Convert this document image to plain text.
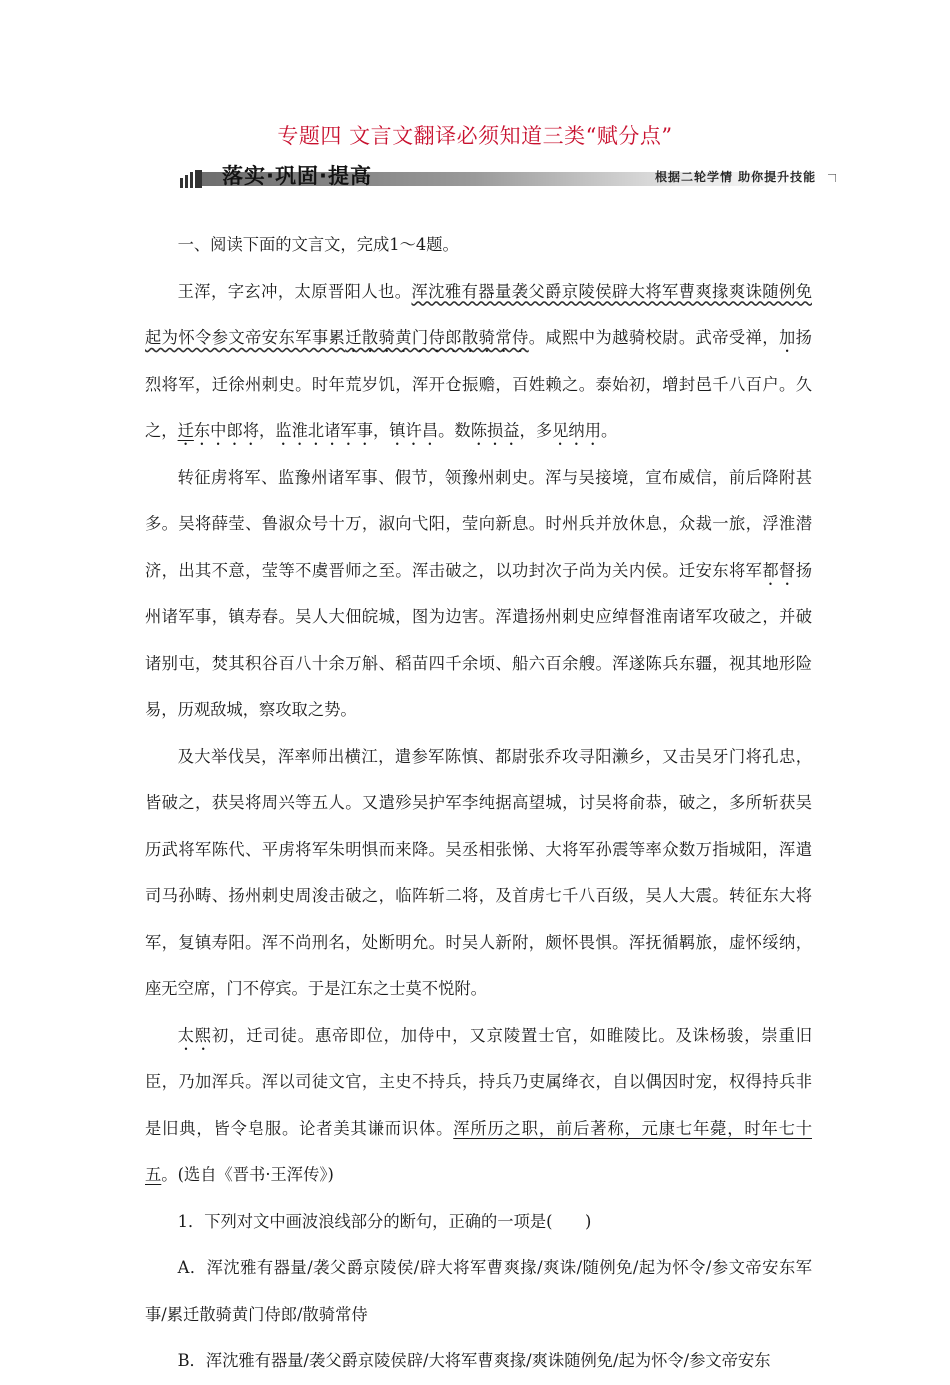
专题四 文言文翻译必须知道三类“赋分点”
落实·巩固·提高	根据二轮学情 助你提升技能

一、阅读下面的文言文，完成1～4题。

王浑，字玄冲，太原晋阳人也。浑沈雅有器量袭父爵京陵侯辟大将军曹爽掾爽诛随例免起为怀令参文帝安东军事累迁散骑黄门侍郎散骑常侍。咸熙中为越骑校尉。武帝受禅，加扬烈将军，迁徐州刺史。时年荒岁饥，浑开仓振赡，百姓赖之。泰始初，增封邑千八百户。久之，迁东中郎将，监淮北诸军事，镇许昌。数陈损益，多见纳用。

转征虏将军、监豫州诸军事、假节，领豫州刺史。浑与吴接境，宣布威信，前后降附甚多。吴将薛莹、鲁淑众号十万，淑向弋阳，莹向新息。时州兵并放休息，众裁一旅，浮淮潜济，出其不意，莹等不虞晋师之至。浑击破之，以功封次子尚为关内侯。迁安东将军都督扬州诸军事，镇寿春。吴人大佃皖城，图为边害。浑遣扬州刺史应绰督淮南诸军攻破之，并破诸别屯，焚其积谷百八十余万斛、稻苗四千余顷、船六百余艘。浑遂陈兵东疆，视其地形险易，历观敌城，察攻取之势。

及大举伐吴，浑率师出横江，遣参军陈慎、都尉张乔攻寻阳濑乡，又击吴牙门将孔忠，皆破之，获吴将周兴等五人。又遣殄吴护军李纯据高望城，讨吴将俞恭，破之，多所斩获吴历武将军陈代、平虏将军朱明惧而来降。吴丞相张悌、大将军孙震等率众数万指城阳，浑遣司马孙畴、扬州刺史周浚击破之，临阵斩二将，及首虏七千八百级，吴人大震。转征东大将军，复镇寿阳。浑不尚刑名，处断明允。时吴人新附，颇怀畏惧。浑抚循羁旅，虚怀绥纳，座无空席，门不停宾。于是江东之士莫不悦附。

太熙初，迁司徒。惠帝即位，加侍中，又京陵置士官，如睢陵比。及诛杨骏，崇重旧臣，乃加浑兵。浑以司徒文官，主史不持兵，持兵乃吏属绛衣，自以偶因时宠，权得持兵非是旧典，皆令皂服。论者美其谦而识体。浑所历之职，前后著称，元康七年薨，时年七十五。(选自《晋书·王浑传》)

1．下列对文中画波浪线部分的断句，正确的一项是(　　)

A．浑沈雅有器量/袭父爵京陵侯/辟大将军曹爽掾/爽诛/随例免/起为怀令/参文帝安东军事/累迁散骑黄门侍郎/散骑常侍

B．浑沈雅有器量/袭父爵京陵侯辟/大将军曹爽掾/爽诛随例免/起为怀令/参文帝安东
